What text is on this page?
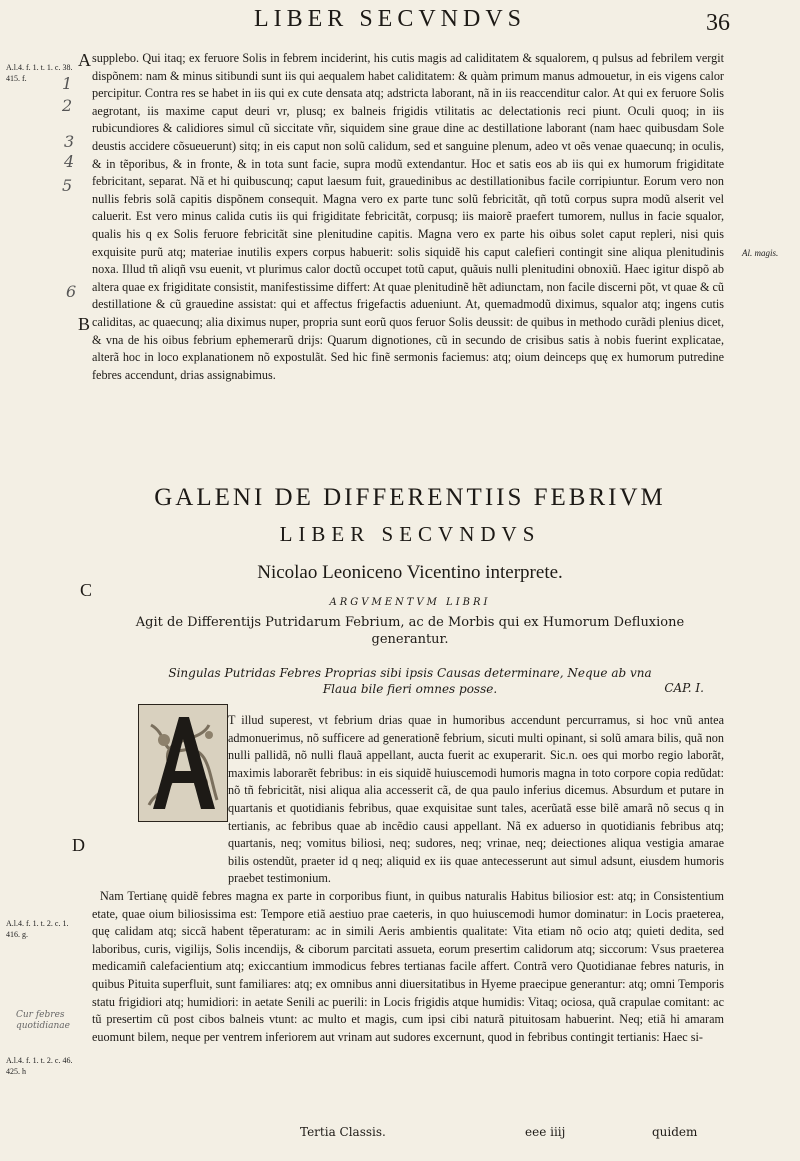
LIBER SECVNDVS	36
A.l.4. f. 1. t. 1. c. 38. 415. f.
A
B
C
D
Al. magis.
A.l.4. f. 1. t. 2. c. 1. 416. g.
A.l.4. f. 1. t. 2. c. 46. 425. h
1
2
3
4
5
6
Cur febres quotidianae

supplebo. Qui itaq; ex feruore Solis in febrem inciderint, his cutis magis ad caliditatem & squalorem, q pulsus ad febrilem vergit dispõnem: nam & minus sitibundi sunt iis qui aequalem habet caliditatem: & quàm primum manus admouetur, in eis vigens calor percipitur. Contra res se habet in iis qui ex cute densata atq; adstricta laborant, nã in iis reaccenditur calor. At qui ex feruore Solis aegrotant, iis maxime caput deuri vr, plusq; ex balneis frigidis vtilitatis ac delectationis reci piunt. Oculi quoq; in iis rubicundiores & calidiores simul cũ siccitate vñr, siquidem sine graue dine ac destillatione laborant (nam haec quibusdam Sole deustis accidere cõsueuerunt) sitq; in eis caput non solũ calidum, sed et sanguine plenum, adeo vt oẽs venae quaecunq; in oculis, & in tẽporibus, & in fronte, & in tota sunt facie, supra modũ extendantur. Hoc et satis eos ab iis qui ex humorum frigiditate febricitant, separat. Nã et hi quibuscunq; caput laesum fuit, grauedinibus ac destillationibus facile corripiuntur. Eorum vero non nullis febris solã capitis dispõnem consequit. Magna vero ex parte tunc solũ febricitãt, qñ totũ corpus supra modũ alserit vel caluerit. Est vero minus calida cutis iis qui frigiditate febricitãt, corpusq; iis maiorẽ praefert tumorem, nullus in facie squalor, qualis his q ex Solis feruore febricitãt sine plenitudine capitis. Magna vero ex parte his oibus solet caput repleri, nisi quis exquisite purũ atq; materiae inutilis expers corpus habuerit: solis siquidẽ his caput calefieri contingit sine aliqua plenitudinis noxa. Illud tñ aliqñ vsu euenit, vt plurimus calor doctũ occupet totũ caput, quãuis nulli plenitudini obnoxiũ. Haec igitur dispõ ab altera quae ex frigiditate consistit, manifestissime differt: At quae plenitudinẽ hẽt adiunctam, non facile discerni põt, vt quae & cũ destillatione & cũ grauedine assistat: qui et affectus frigefactis adueniunt. At, quemadmodũ diximus, squalor atq; ingens cutis caliditas, ac quaecunq; alia diximus nuper, propria sunt eorũ quos feruor Solis deussit: de quibus in methodo curãdi plenius dicet, & vna de his oibus febrium ephemerarũ drijs: Quarum dignotiones, cũ in secundo de crisibus satis à nobis fuerint explicatae, alterã hoc in loco explanationem nõ expostulãt. Sed hic finẽ sermonis faciemus: atq; oium deinceps quę ex humorum putredine febres accendunt, drias assignabimus.

GALENI DE DIFFERENTIIS FEBRIVM
LIBER SECVNDVS
Nicolao Leoniceno Vicentino interprete.
ARGVMENTVM LIBRI
Agit de Differentijs Putridarum Febrium, ac de Morbis qui ex Humorum Defluxione generantur.
Singulas Putridas Febres Proprias sibi ipsis Causas determinare, Neque ab vna Flaua bile fieri omnes posse.	CAP. I.

T illud superest, vt febrium drias quae in humoribus accendunt percurramus, si hoc vnũ antea admonuerimus, nõ sufficere ad generationẽ febrium, sicuti multi opinant, si solũ amara bilis, quã non nulli pallidã, nõ nulli flauã appellant, aucta fuerit ac exuperarit. Sic.n. oes qui morbo regio laborãt, maximis laborarẽt febribus: in eis siquidẽ huiuscemodi humoris magna in toto corpore copia redũdat: nõ tñ febricitãt, nisi aliqua alia accesserit cã, de qua paulo inferius dicemus. Absurdum et putare in quartanis et quotidianis febribus, quae exquisitae sunt tales, acerũatã esse bilẽ amarã nõ secus q in tertianis, ac febribus quae ab incẽdio causi appellant. Nã ex aduerso in quotidianis febribus atq; quartanis, neq; vomitus biliosi, neq; sudores, neq; vrinae, neq; deiectiones aliqua vestigia amarae bilis ostendũt, praeter id q neq; aliquid ex iis quae antecesserunt aut simul adsunt, eiusdem humoris praebet testimonium.

Nam Tertianę quidẽ febres magna ex parte in corporibus fiunt, in quibus naturalis Habitus biliosior est: atq; in Consistentium etate, quae oium biliosissima est: Tempore etiã aestiuo prae caeteris, in quo huiuscemodi humor dominatur: in Locis praeterea, quę calidam atq; siccã habent tẽperaturam: ac in simili Aeris ambientis qualitate: Vita etiam nõ ocio atq; quieti dedita, sed laboribus, curis, vigilijs, Solis incendijs, & ciborum parcitati assueta, eorum presertim calidorum atq; siccorum: Vsus praeterea medicamiñ calefacientium atq; exiccantium immodicus febres tertianas facile affert. Contrã vero Quotidianae febres naturis, in quibus Pituita superfluit, sunt familiares: atq; ex omnibus anni diuersitatibus in Hyeme praecipue generantur: atq; omni Temporis statu frigidiori atq; humidiori: in aetate Senili ac puerili: in Locis frigidis atque humidis: Vitaq; ociosa, quã crapulae comitant: ac tũ presertim cũ post cibos balneis vtunt: ac multo et magis, cum ipsi cibi naturã pituitosam habuerint. Neq; etiã hi amaram euomunt bilem, neque per ventrem inferiorem aut vrinam aut sudores excernunt, quod in febribus contingit tertianis: Haec si-

Tertia Classis.	eee iiij	quidem
